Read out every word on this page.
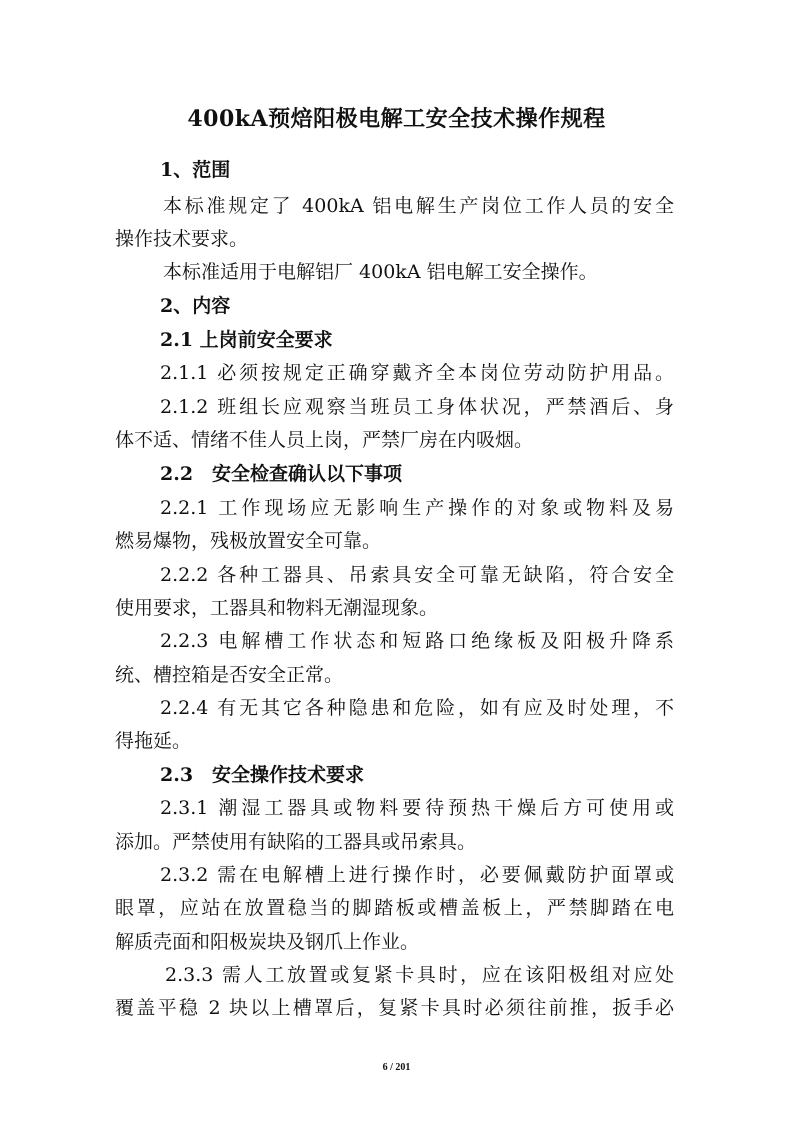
400kA预焙阳极电解工安全技术操作规程
1、范围
本标准规定了 400kA 铝电解生产岗位工作人员的安全
操作技术要求。
本标准适用于电解铝厂 400kA 铝电解工安全操作。
2、内容
2.1 上岗前安全要求
2.1.1 必须按规定正确穿戴齐全本岗位劳动防护用品。
2.1.2 班组长应观察当班员工身体状况，严禁酒后、身
体不适、情绪不佳人员上岗，严禁厂房在内吸烟。
2.2　安全检查确认以下事项
2.2.1 工作现场应无影响生产操作的对象或物料及易
燃易爆物，残极放置安全可靠。
2.2.2 各种工器具、吊索具安全可靠无缺陷，符合安全
使用要求，工器具和物料无潮湿现象。
2.2.3 电解槽工作状态和短路口绝缘板及阳极升降系
统、槽控箱是否安全正常。
2.2.4 有无其它各种隐患和危险，如有应及时处理，不
得拖延。
2.3　安全操作技术要求
2.3.1 潮湿工器具或物料要待预热干燥后方可使用或
添加。严禁使用有缺陷的工器具或吊索具。
2.3.2 需在电解槽上进行操作时，必要佩戴防护面罩或
眼罩，应站在放置稳当的脚踏板或槽盖板上，严禁脚踏在电
解质壳面和阳极炭块及钢爪上作业。
2.3.3 需人工放置或复紧卡具时，应在该阳极组对应处
覆盖平稳 2 块以上槽罩后，复紧卡具时必须往前推，扳手必
6 / 201
